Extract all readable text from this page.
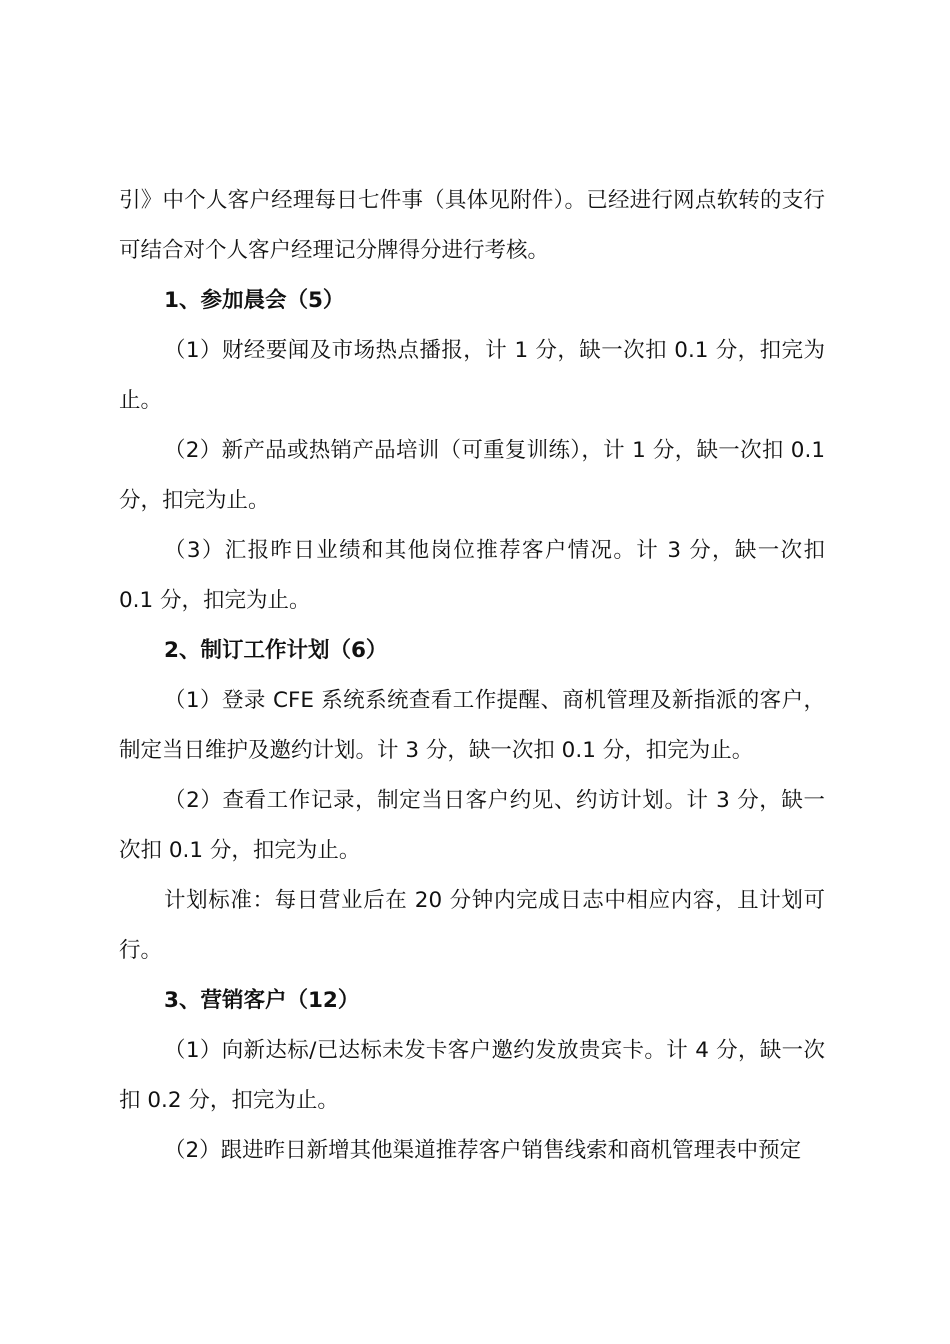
引》中个人客户经理每日七件事（具体见附件）。已经进行网点软转的支行可结合对个人客户经理记分牌得分进行考核。

1、参加晨会（5）

（1）财经要闻及市场热点播报，计 1 分，缺一次扣 0.1 分，扣完为止。

（2）新产品或热销产品培训（可重复训练），计 1 分，缺一次扣 0.1 分，扣完为止。

（3）汇报昨日业绩和其他岗位推荐客户情况。计 3 分，缺一次扣 0.1 分，扣完为止。

2、制订工作计划（6）

（1）登录 CFE 系统系统查看工作提醒、商机管理及新指派的客户，制定当日维护及邀约计划。计 3 分，缺一次扣 0.1 分，扣完为止。

（2）查看工作记录，制定当日客户约见、约访计划。计 3 分，缺一次扣 0.1 分，扣完为止。

计划标准：每日营业后在 20 分钟内完成日志中相应内容，且计划可行。

3、营销客户（12）

（1）向新达标/已达标未发卡客户邀约发放贵宾卡。计 4 分，缺一次扣 0.2 分，扣完为止。

（2）跟进昨日新增其他渠道推荐客户销售线索和商机管理表中预定
